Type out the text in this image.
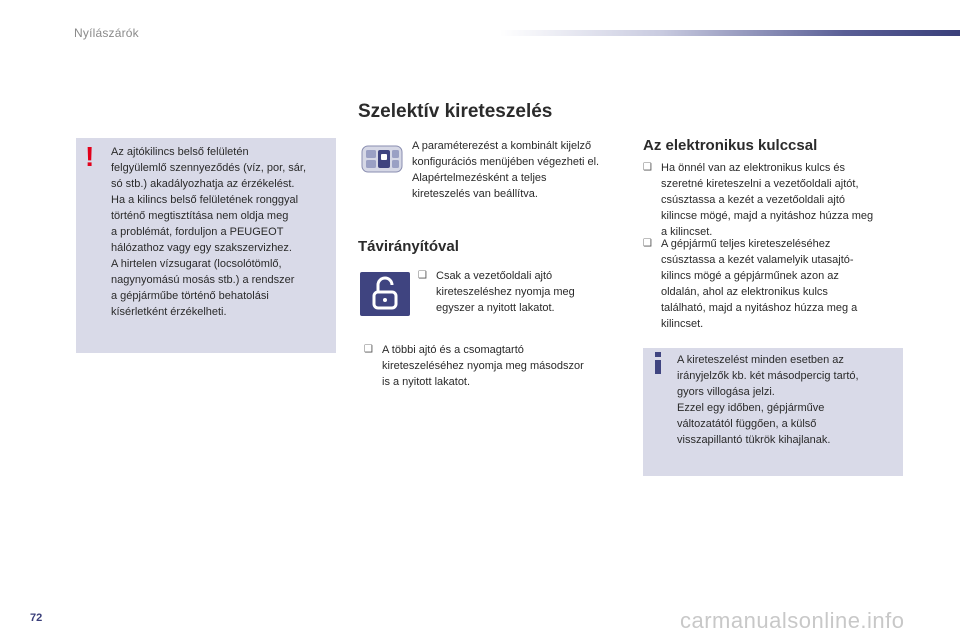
Nyílászárók
Szelektív kireteszelés
! Az ajtókilincs belső felületén
felgyülemlő szennyeződés (víz, por, sár,
só stb.) akadályozhatja az érzékelést.
Ha a kilincs belső felületének ronggyal
történő megtisztítása nem oldja meg
a problémát, forduljon a PEUGEOT
hálózathoz vagy egy szakszervizhez.
A hirtelen vízsugarat (locsolótömlő,
nagynyomású mosás stb.) a rendszer
a gépjárműbe történő behatolási
kísérletként érzékelheti.
A paraméterezést a kombinált kijelző
konfigurációs menüjében végezheti el.
Alapértelmezésként a teljes
kireteszelés van beállítva.
Távirányítóval
❑ Csak a vezetőoldali ajtó
kireteszeléshez nyomja meg
egyszer a nyitott lakatot.
❑ A többi ajtó és a csomagtartó
kireteszeléséhez nyomja meg másodszor
is a nyitott lakatot.
Az elektronikus kulccsal
❑ Ha önnél van az elektronikus kulcs és
szeretné kireteszelni a vezetőoldali ajtót,
csúsztassa a kezét a vezetőoldali ajtó
kilincse mögé, majd a nyitáshoz húzza meg
a kilincset.
❑ A gépjármű teljes kireteszeléséhez
csúsztassa a kezét valamelyik utasajtó-
kilincs mögé a gépjárműnek azon az
oldalán, ahol az elektronikus kulcs
található, majd a nyitáshoz húzza meg a
kilincset.
A kireteszelést minden esetben az
irányjelzők kb. két másodpercig tartó,
gyors villogása jelzi.
Ezzel egy időben, gépjárműve
változatától függően, a külső
visszapillantó tükrök kihajlanak.
72	carmanualsonline.info
